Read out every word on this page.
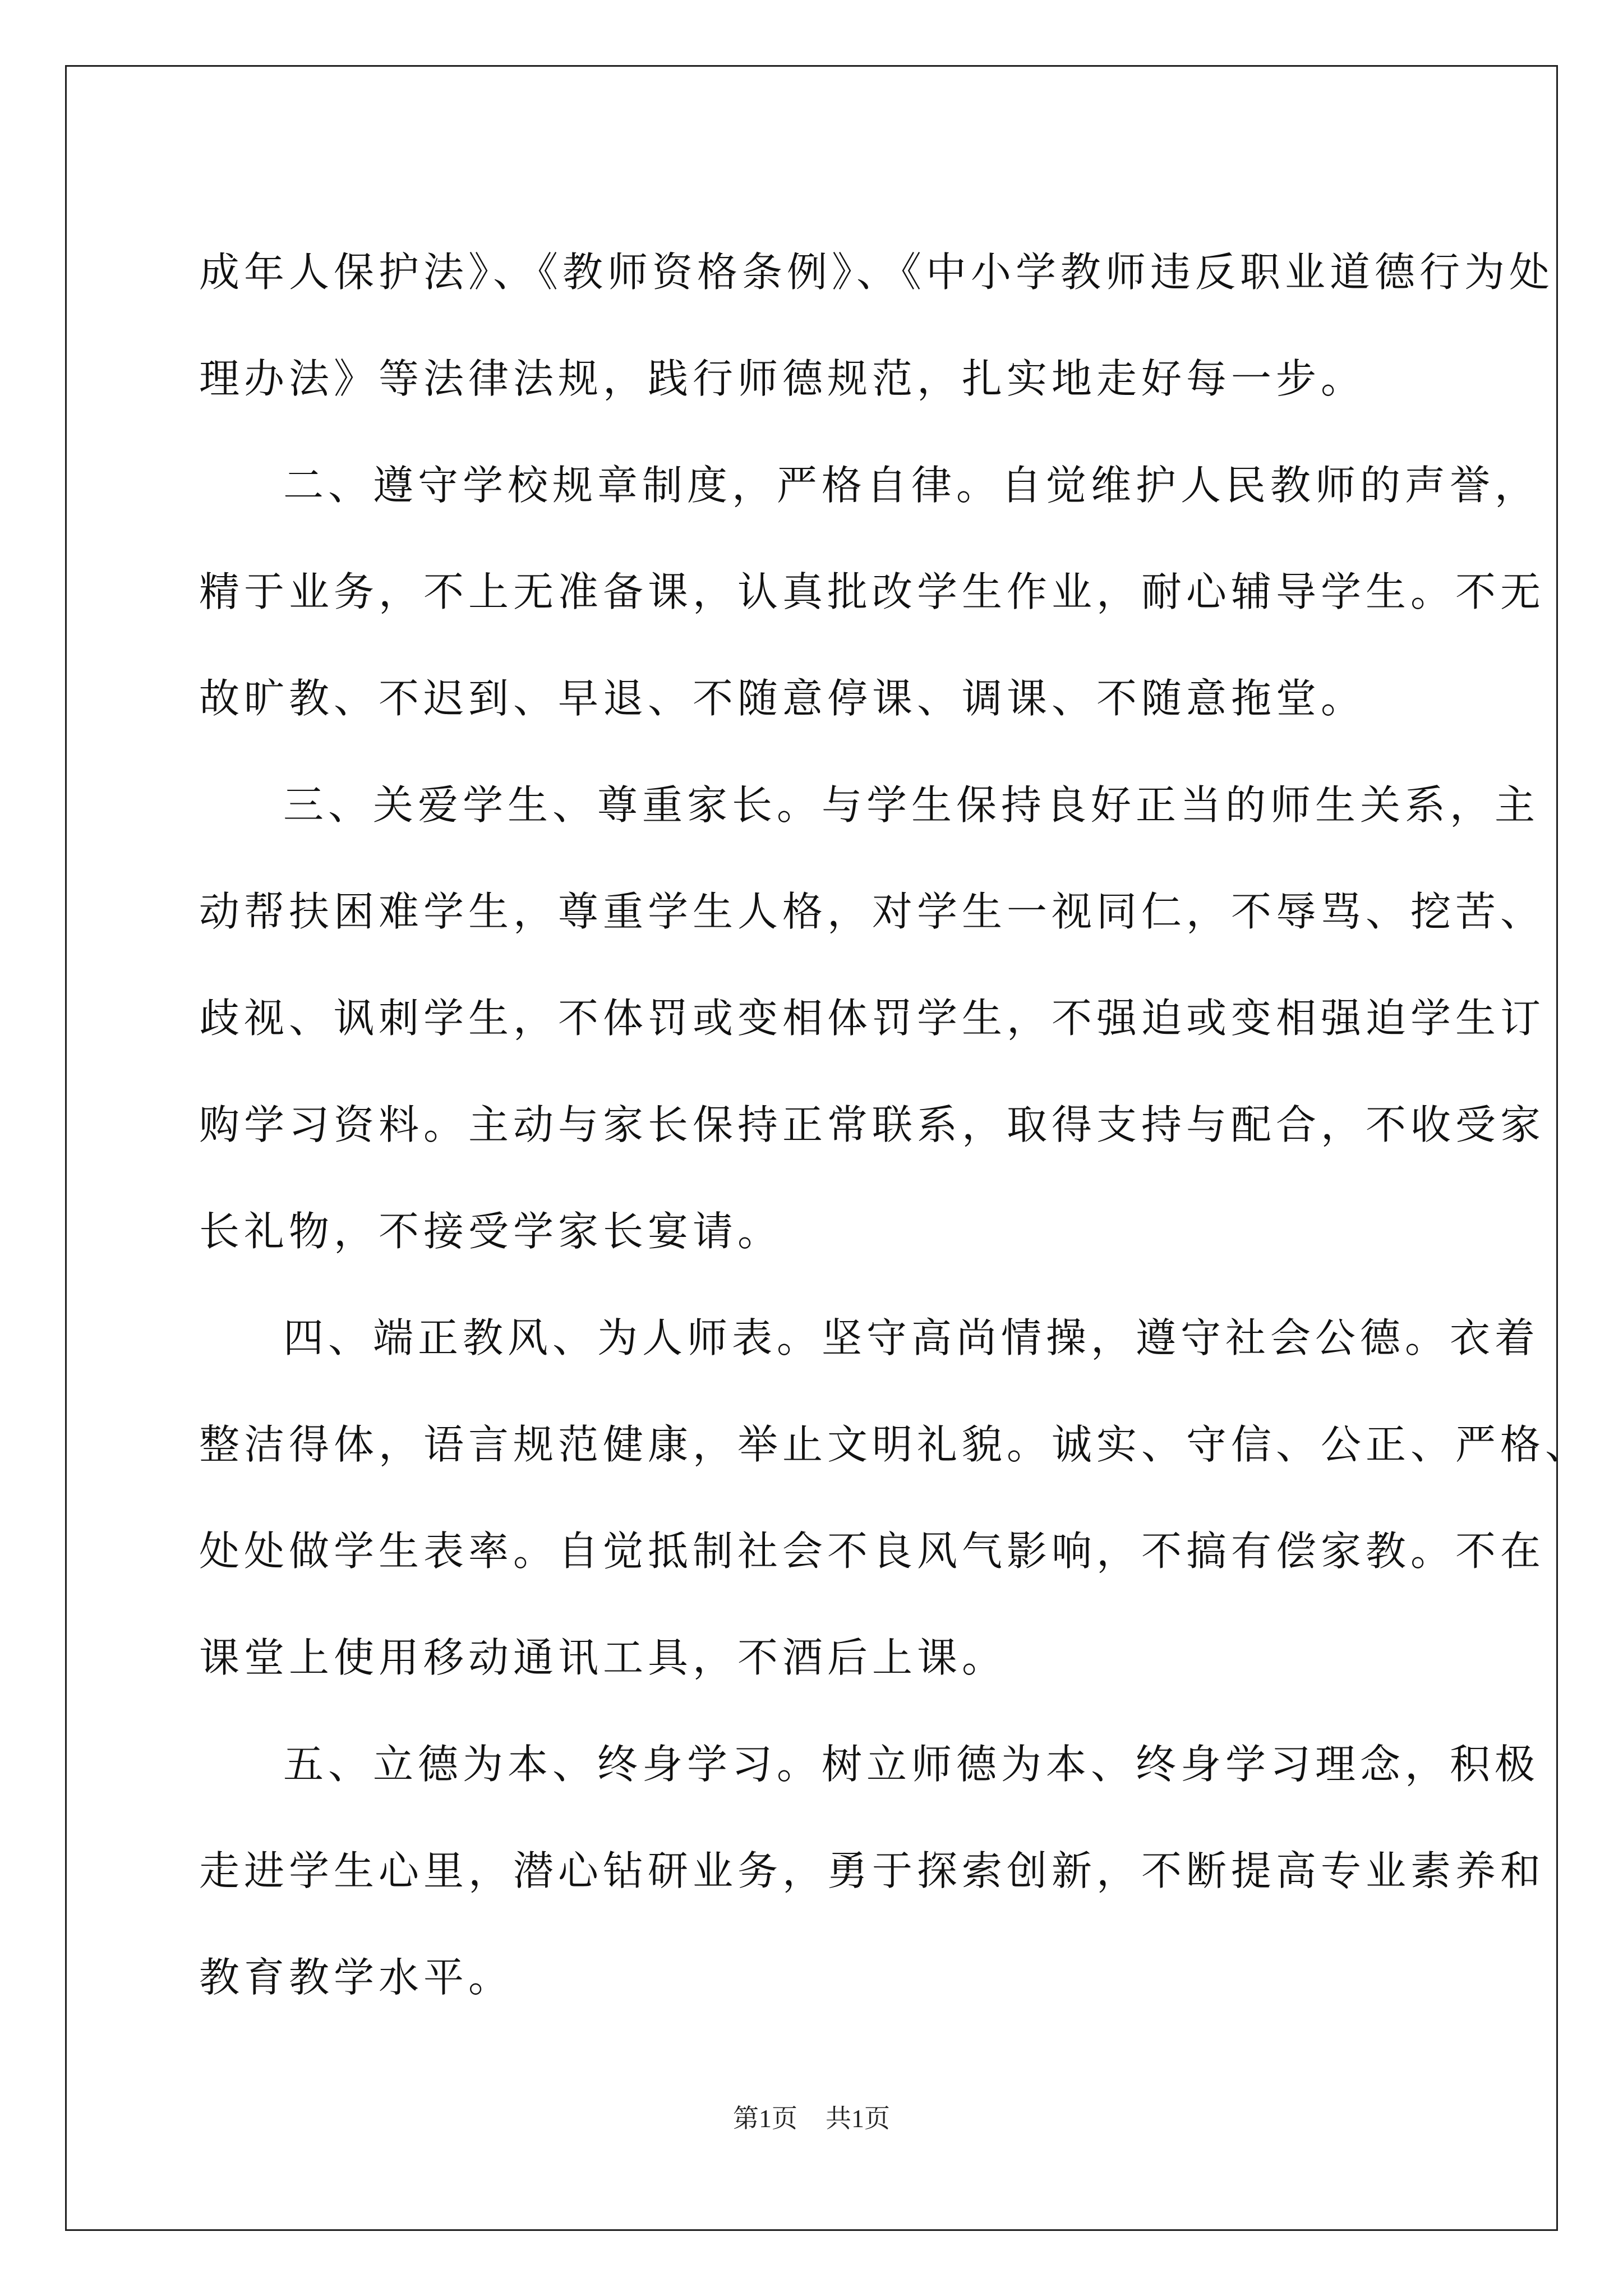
成年人保护法》、《教师资格条例》、《中小学教师违反职业道德行为处
理办法》等法律法规，践行师德规范，扎实地走好每一步。
二、遵守学校规章制度，严格自律。自觉维护人民教师的声誉，
精于业务，不上无准备课，认真批改学生作业，耐心辅导学生。不无
故旷教、不迟到、早退、不随意停课、调课、不随意拖堂。
三、关爱学生、尊重家长。与学生保持良好正当的师生关系，主
动帮扶困难学生，尊重学生人格，对学生一视同仁，不辱骂、挖苦、
歧视、讽刺学生，不体罚或变相体罚学生，不强迫或变相强迫学生订
购学习资料。主动与家长保持正常联系，取得支持与配合，不收受家
长礼物，不接受学家长宴请。
四、端正教风、为人师表。坚守高尚情操，遵守社会公德。衣着
整洁得体，语言规范健康，举止文明礼貌。诚实、守信、公正、严格、
处处做学生表率。自觉抵制社会不良风气影响，不搞有偿家教。不在
课堂上使用移动通讯工具，不酒后上课。
五、立德为本、终身学习。树立师德为本、终身学习理念，积极
走进学生心里，潜心钻研业务，勇于探索创新，不断提高专业素养和
教育教学水平。
第1页 共1页
